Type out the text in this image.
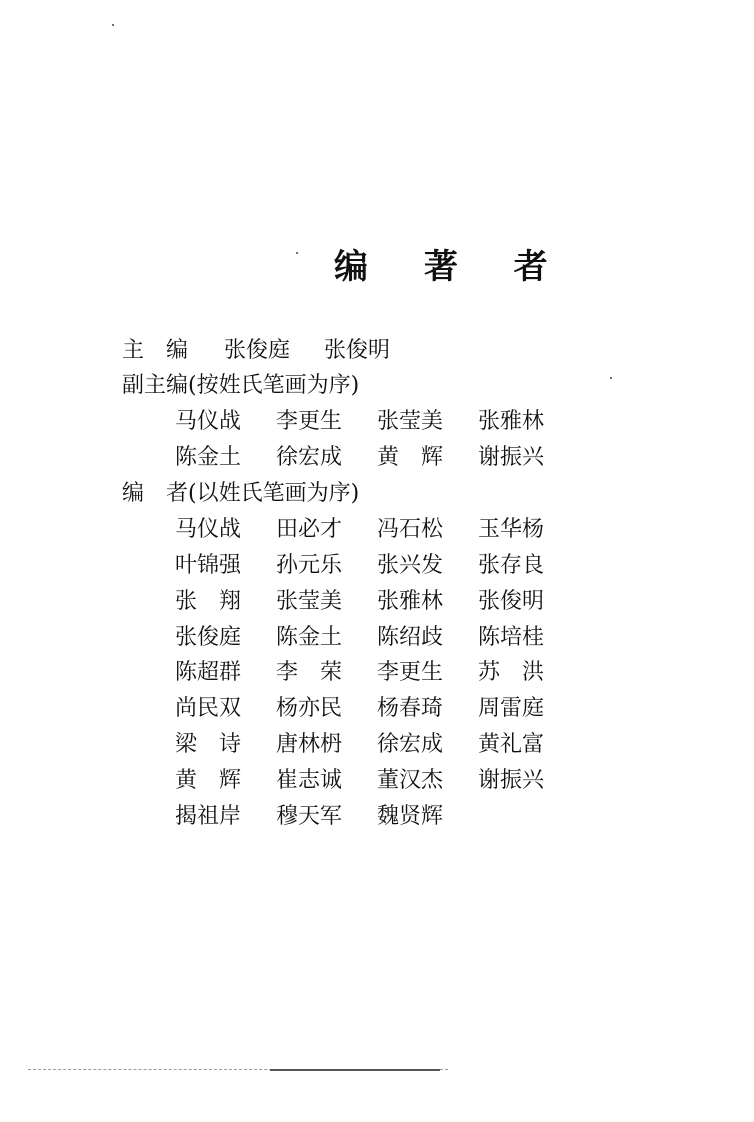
编 著 者
主　编 张俊庭 张俊明
副主编(按姓氏笔画为序)
马仪战 李更生 张莹美 张雅林
陈金土 徐宏成 黄　辉 谢振兴
编　者(以姓氏笔画为序)
马仪战 田必才 冯石松 玉华杨
叶锦强 孙元乐 张兴发 张存良
张　翔 张莹美 张雅林 张俊明
张俊庭 陈金土 陈绍歧 陈培桂
陈超群 李　荣 李更生 苏　洪
尚民双 杨亦民 杨春琦 周雷庭
梁　诗 唐林枬 徐宏成 黄礼富
黄　辉 崔志诚 董汉杰 谢振兴
揭祖岸 穆天军 魏贤辉
